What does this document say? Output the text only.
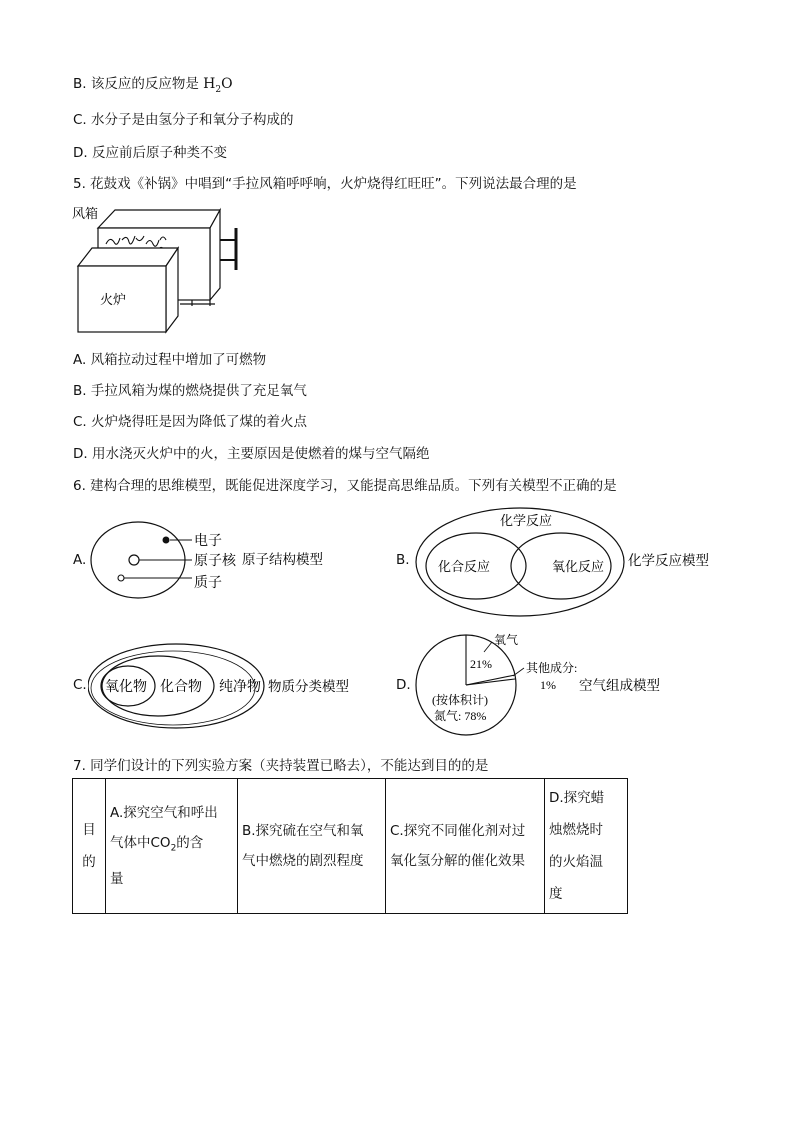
B. 该反应的反应物是 $H_2O$
C. 水分子是由氢分子和氧分子构成的
D. 反应前后原子种类不变
5. 花鼓戏《补锅》中唱到“手拉风箱呼呼响，火炉烧得红旺旺”。下列说法最合理的是
风箱
火炉
A. 风箱拉动过程中增加了可燃物
B. 手拉风箱为煤的燃烧提供了充足氧气
C. 火炉烧得旺是因为降低了煤的着火点
D. 用水浇灭火炉中的火，主要原因是使燃着的煤与空气隔绝
6. 建构合理的思维模型，既能促进深度学习，又能提高思维品质。下列有关模型不正确的是
A.
电子
原子核
质子
原子结构模型	B.
化学反应
化合反应	氧化反应 化学反应模型
C. 氧化物 化合物 纯净物 物质分类模型	D.
氧气
21%	其他成分:
1%
(按体积计)
氮气: 78%
空气组成模型
7. 同学们设计的下列实验方案（夹持装置已略去），不能达到目的的是
目
的

A.探究空气和呼出
气体中$CO_2$的含
量

B.探究硫在空气和氧
气中燃烧的剧烈程度

C.探究不同催化剂对过
氧化氢分解的催化效果

D.探究蜡
烛燃烧时
的火焰温
度
